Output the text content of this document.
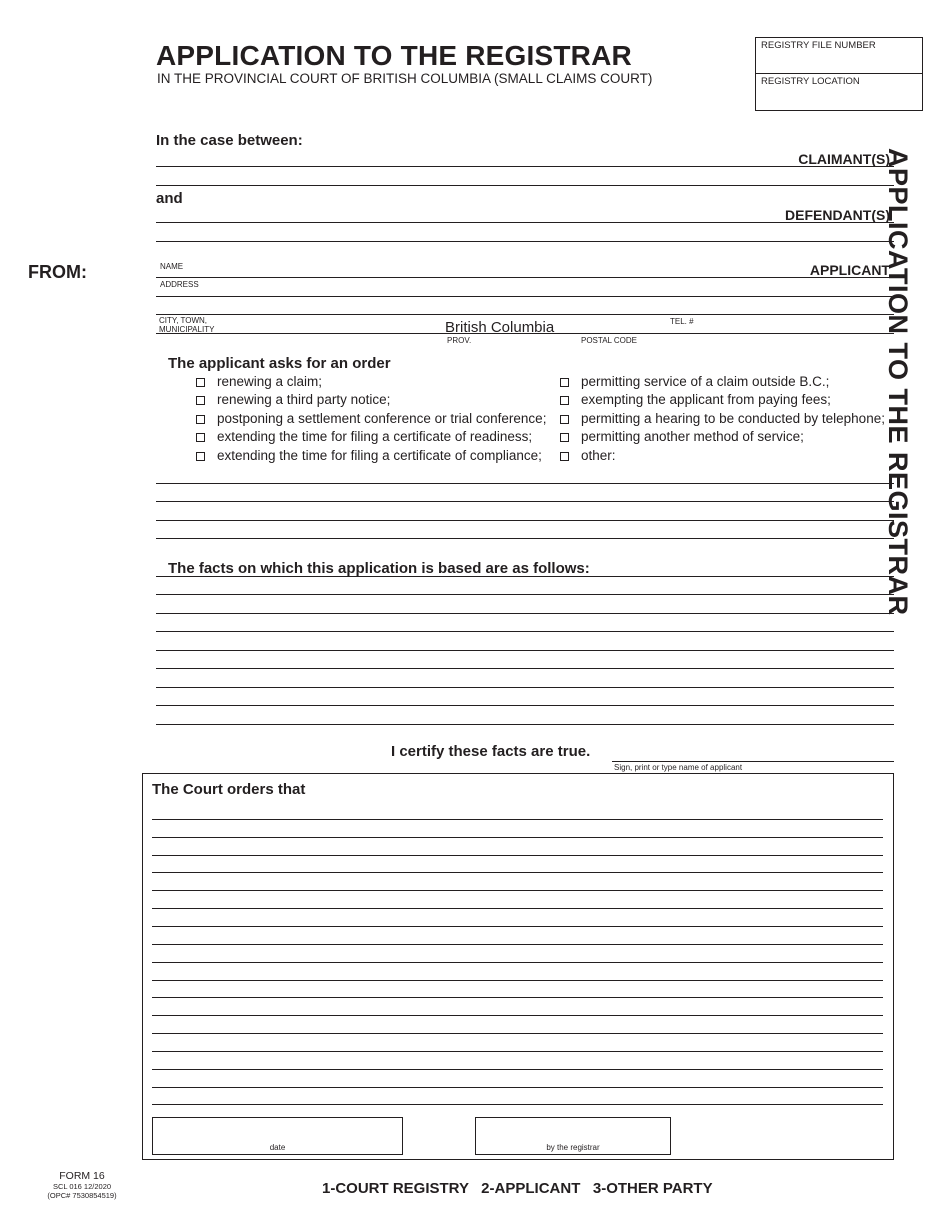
APPLICATION TO THE REGISTRAR
IN THE PROVINCIAL COURT OF BRITISH COLUMBIA (SMALL CLAIMS COURT)
REGISTRY FILE NUMBER
REGISTRY LOCATION
APPLICATION TO THE REGISTRAR
In the case between:
CLAIMANT(S)
and
DEFENDANT(S)
FROM:	NAME	APPLICANT
ADDRESS
CITY, TOWN,
MUNICIPALITY	British Columbia	TEL. #
PROV.	POSTAL CODE
The applicant asks for an order
renewing a claim;
renewing a third party notice;
postponing a settlement conference or trial conference;
extending the time for filing a certificate of readiness;
extending the time for filing a certificate of compliance;
permitting service of a claim outside B.C.;
exempting the applicant from paying fees;
permitting a hearing to be conducted by telephone;
permitting another method of service;
other:
The facts on which this application is based are as follows:
I certify these facts are true.
Sign, print or type name of applicant
The Court orders that
date	by the registrar
FORM 16
SCL 016 12/2020
(OPC# 7530854519)	1-COURT REGISTRY   2-APPLICANT   3-OTHER PARTY
